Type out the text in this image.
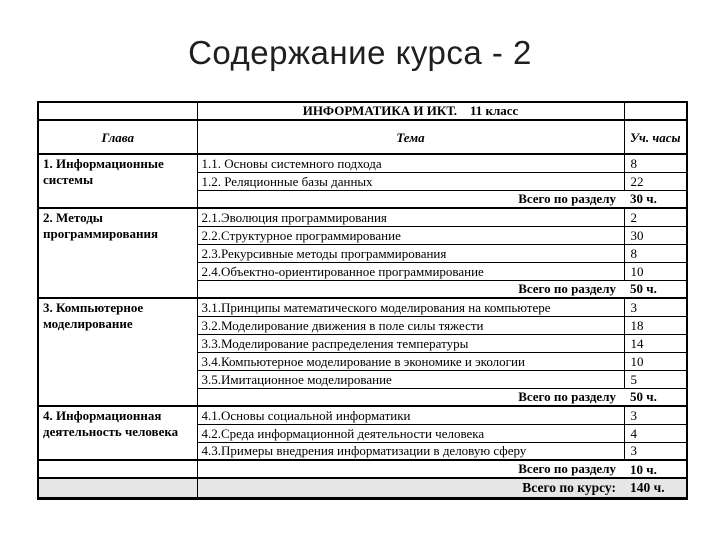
Содержание курса - 2
	ИНФОРМАТИКА И ИКТ.    11 класс	
Глава	Тема	Уч. часы
1. Информационные системы	1.1. Основы системного подхода	8
	1.2. Реляционные базы данных	22
	Всего по разделу	30 ч.
2. Методы программирования	2.1.Эволюция программирования	2
	2.2.Структурное программирование	30
	2.3.Рекурсивные методы программирования	8
	2.4.Объектно-ориентированное программирование	10
	Всего по разделу	50 ч.
3. Компьютерное моделирование	3.1.Принципы математического моделирования на компьютере	3
	3.2.Моделирование движения в поле силы тяжести	18
	3.3.Моделирование распределения температуры	14
	3.4.Компьютерное моделирование в экономике и экологии	10
	3.5.Имитационное моделирование	5
	Всего по разделу	50 ч.
4. Информационная деятельность человека	4.1.Основы социальной информатики	3
	4.2.Среда информационной деятельности человека	4
	4.3.Примеры внедрения информатизации в деловую сферу	3
	Всего по разделу	10 ч.
	Всего по курсу:	140 ч.
